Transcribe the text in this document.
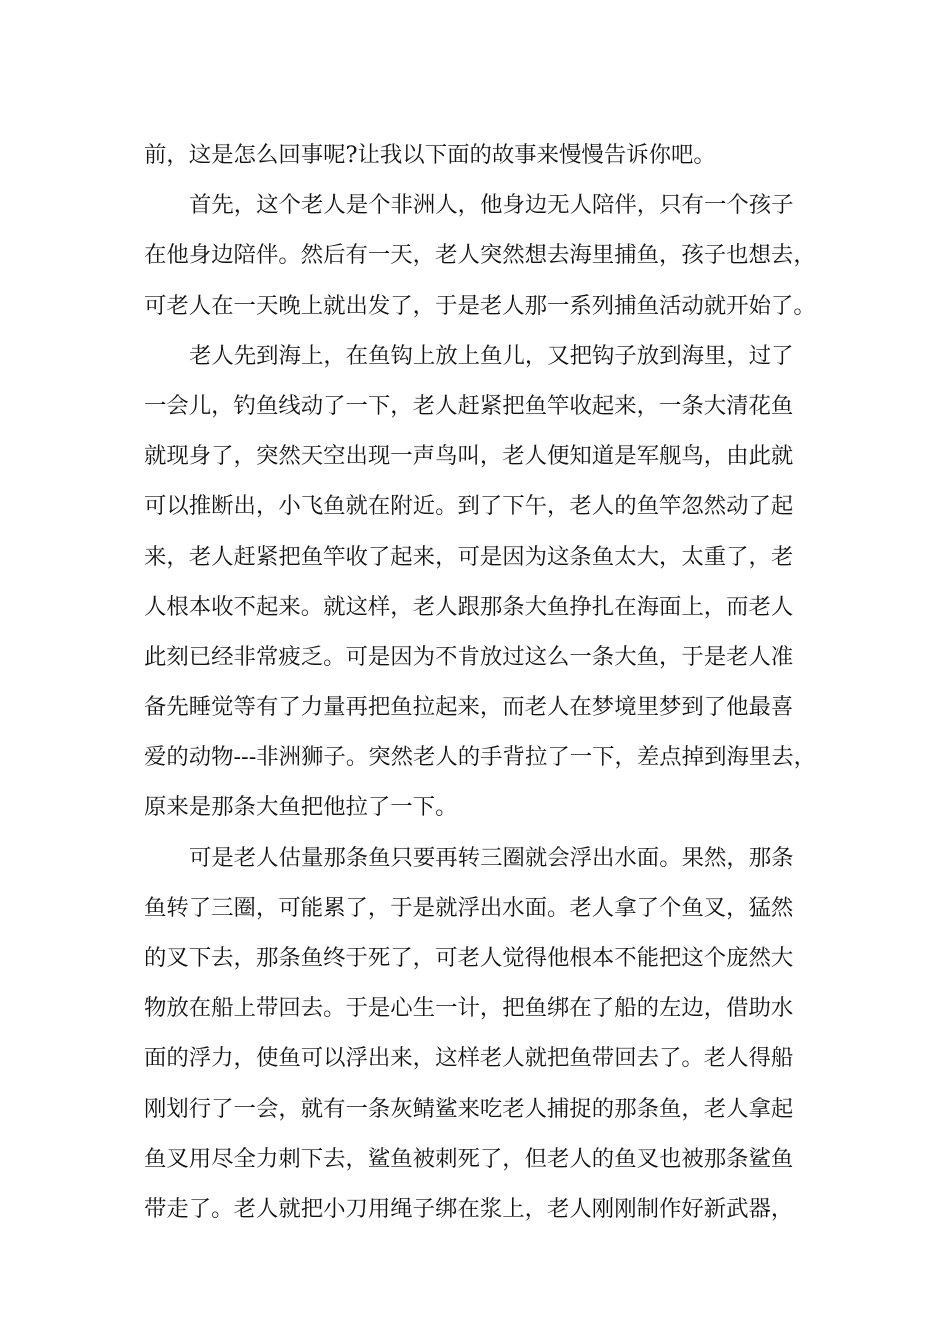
前，这是怎么回事呢?让我以下面的故事来慢慢告诉你吧。
首先，这个老人是个非洲人，他身边无人陪伴，只有一个孩子
在他身边陪伴。然后有一天，老人突然想去海里捕鱼，孩子也想去，
可老人在一天晚上就出发了，于是老人那一系列捕鱼活动就开始了。
老人先到海上，在鱼钩上放上鱼儿，又把钩子放到海里，过了
一会儿，钓鱼线动了一下，老人赶紧把鱼竿收起来，一条大清花鱼
就现身了，突然天空出现一声鸟叫，老人便知道是军舰鸟，由此就
可以推断出，小飞鱼就在附近。到了下午，老人的鱼竿忽然动了起
来，老人赶紧把鱼竿收了起来，可是因为这条鱼太大，太重了，老
人根本收不起来。就这样，老人跟那条大鱼挣扎在海面上，而老人
此刻已经非常疲乏。可是因为不肯放过这么一条大鱼，于是老人准
备先睡觉等有了力量再把鱼拉起来，而老人在梦境里梦到了他最喜
爱的动物---非洲狮子。突然老人的手背拉了一下，差点掉到海里去，
原来是那条大鱼把他拉了一下。
可是老人估量那条鱼只要再转三圈就会浮出水面。果然，那条
鱼转了三圈，可能累了，于是就浮出水面。老人拿了个鱼叉，猛然
的叉下去，那条鱼终于死了，可老人觉得他根本不能把这个庞然大
物放在船上带回去。于是心生一计，把鱼绑在了船的左边，借助水
面的浮力，使鱼可以浮出来，这样老人就把鱼带回去了。老人得船
刚划行了一会，就有一条灰鲭鲨来吃老人捕捉的那条鱼，老人拿起
鱼叉用尽全力刺下去，鲨鱼被刺死了，但老人的鱼叉也被那条鲨鱼
带走了。老人就把小刀用绳子绑在浆上，老人刚刚制作好新武器，
